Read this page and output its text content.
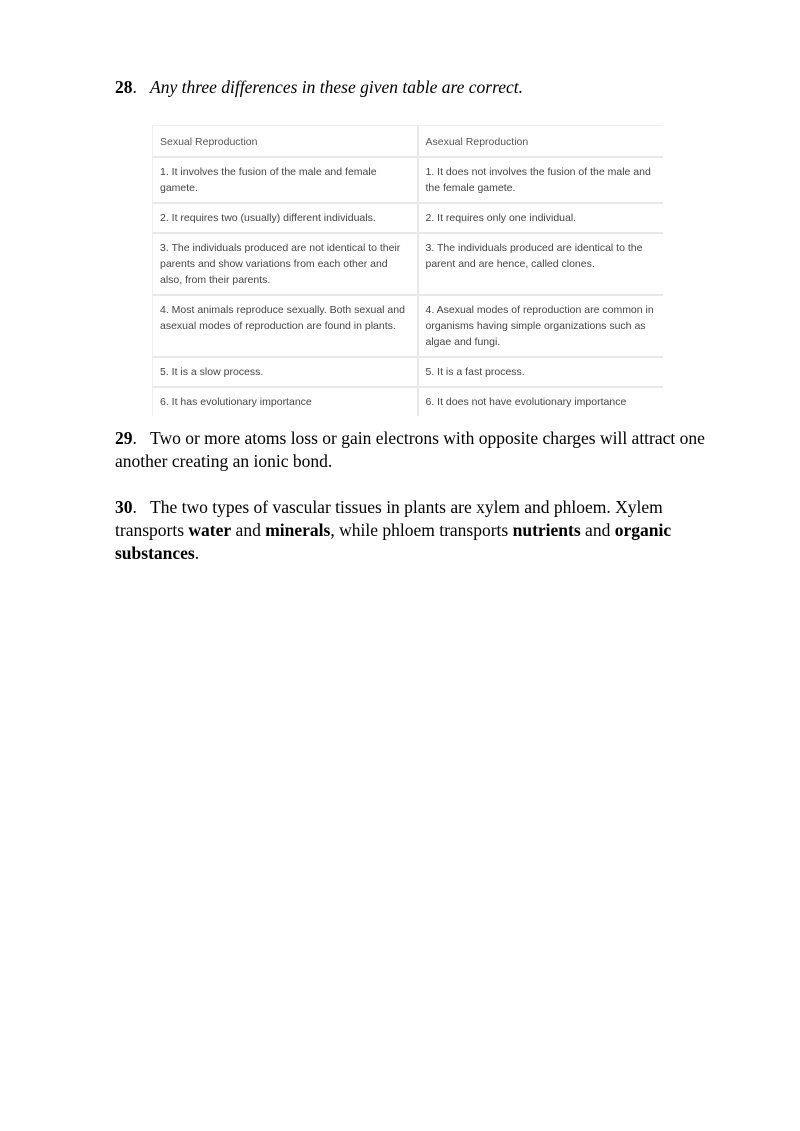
28. Any three differences in these given table are correct.
Sexual Reproduction	Asexual Reproduction
1. It involves the fusion of the male and female gamete.	1. It does not involves the fusion of the male and the female gamete.
2. It requires two (usually) different individuals.	2. It requires only one individual.
3. The individuals produced are not identical to their parents and show variations from each other and also, from their parents.	3. The individuals produced are identical to the parent and are hence, called clones.
4. Most animals reproduce sexually. Both sexual and asexual modes of reproduction are found in plants.	4. Asexual modes of reproduction are common in organisms having simple organizations such as algae and fungi.
5. It is a slow process.	5. It is a fast process.
6. It has evolutionary importance	6. It does not have evolutionary importance
29. Two or more atoms loss or gain electrons with opposite charges will attract one another creating an ionic bond.
30. The two types of vascular tissues in plants are xylem and phloem. Xylem transports water and minerals, while phloem transports nutrients and organic substances.
